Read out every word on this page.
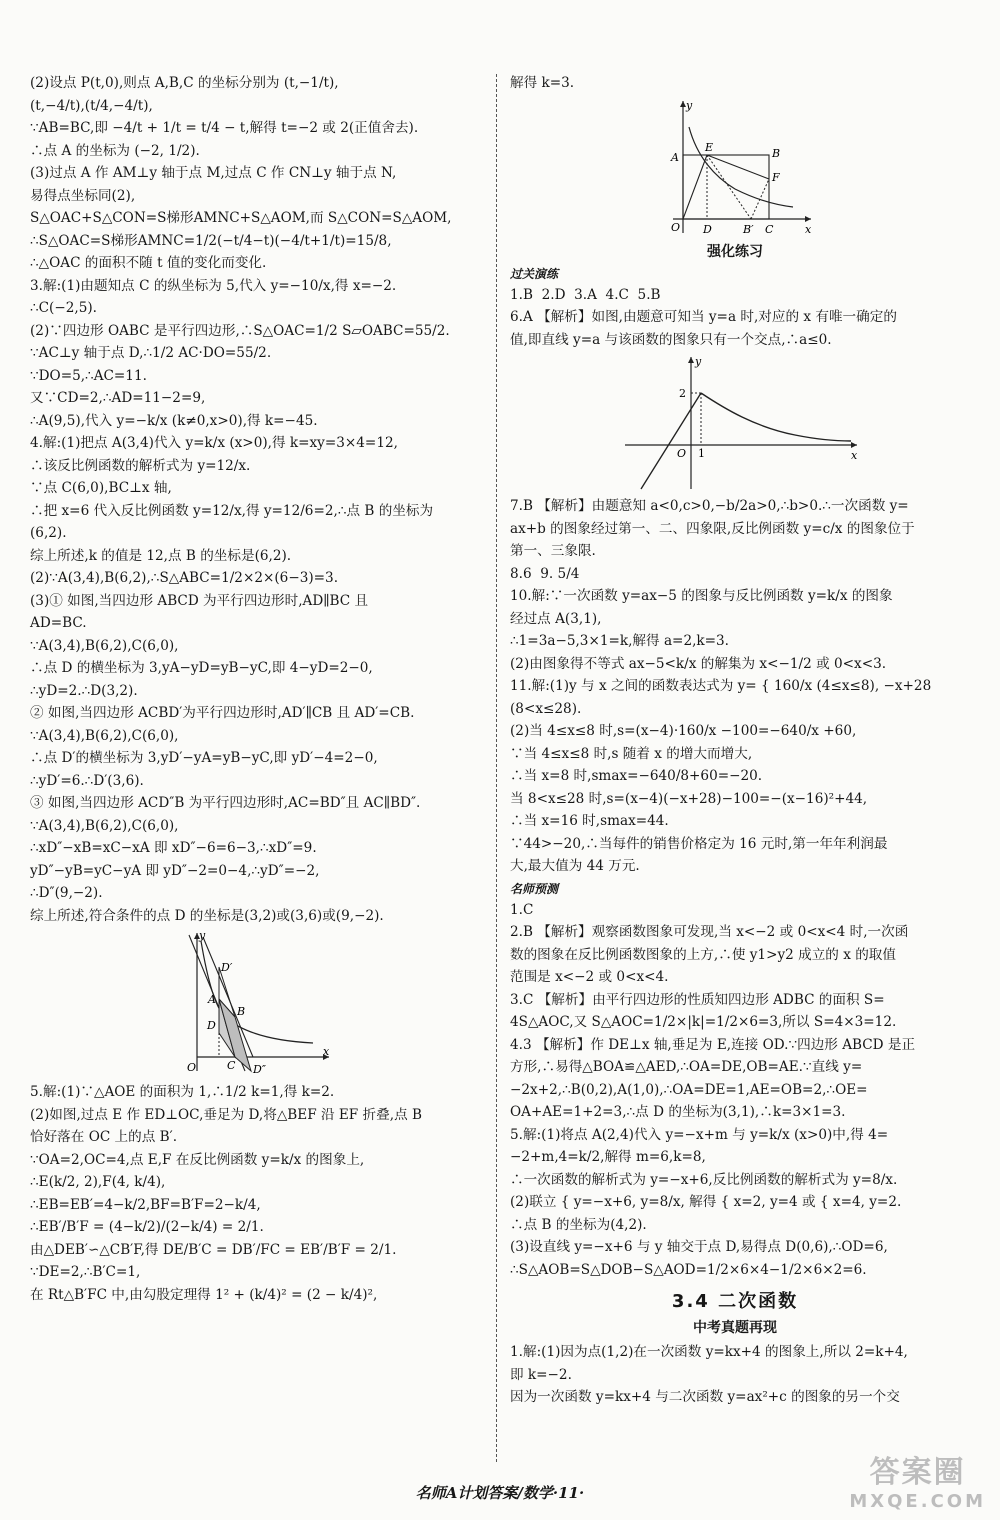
(2)设点 P(t,0),则点 A,B,C 的坐标分别为 (t,−1/t),

(t,−4/t),(t/4,−4/t),

∵AB=BC,即 −4/t + 1/t = t/4 − t,解得 t=−2 或 2(正值舍去).

∴点 A 的坐标为 (−2, 1/2).

(3)过点 A 作 AM⊥y 轴于点 M,过点 C 作 CN⊥y 轴于点 N,

易得点坐标同(2),

S△OAC+S△CON=S梯形AMNC+S△AOM,而 S△CON=S△AOM,

∴S△OAC=S梯形AMNC=1/2(−t/4−t)(−4/t+1/t)=15/8,

∴△OAC 的面积不随 t 值的变化而变化.

3.解:(1)由题知点 C 的纵坐标为 5,代入 y=−10/x,得 x=−2.

∴C(−2,5).

(2)∵四边形 OABC 是平行四边形,∴S△OAC=1/2 S▱OABC=55/2.

∵AC⊥y 轴于点 D,∴1/2 AC·DO=55/2.

∵DO=5,∴AC=11.

又∵CD=2,∴AD=11−2=9,

∴A(9,5),代入 y=−k/x (k≠0,x>0),得 k=−45.

4.解:(1)把点 A(3,4)代入 y=k/x (x>0),得 k=xy=3×4=12,

∴该反比例函数的解析式为 y=12/x.

∵点 C(6,0),BC⊥x 轴,

∴把 x=6 代入反比例函数 y=12/x,得 y=12/6=2,∴点 B 的坐标为

(6,2).

综上所述,k 的值是 12,点 B 的坐标是(6,2).

(2)∵A(3,4),B(6,2),∴S△ABC=1/2×2×(6−3)=3.

(3)① 如图,当四边形 ABCD 为平行四边形时,AD∥BC 且

AD=BC.

∵A(3,4),B(6,2),C(6,0),

∴点 D 的横坐标为 3,yA−yD=yB−yC,即 4−yD=2−0,

∴yD=2.∴D(3,2).

② 如图,当四边形 ACBD′为平行四边形时,AD′∥CB 且 AD′=CB.

∵A(3,4),B(6,2),C(6,0),

∴点 D′的横坐标为 3,yD′−yA=yB−yC,即 yD′−4=2−0,

∴yD′=6.∴D′(3,6).

③ 如图,当四边形 ACD″B 为平行四边形时,AC=BD″且 AC∥BD″.

∵A(3,4),B(6,2),C(6,0),

∴xD″−xB=xC−xA 即 xD″−6=6−3,∴xD″=9.

yD″−yB=yC−yA 即 yD″−2=0−4,∴yD″=−2,

∴D″(9,−2).

综上所述,符合条件的点 D 的坐标是(3,2)或(3,6)或(9,−2).

y
x
O
D′
A
B
D
C D″

5.解:(1)∵△AOE 的面积为 1,∴1/2 k=1,得 k=2.

(2)如图,过点 E 作 ED⊥OC,垂足为 D,将△BEF 沿 EF 折叠,点 B

恰好落在 OC 上的点 B′.

∵OA=2,OC=4,点 E,F 在反比例函数 y=k/x 的图象上,

∴E(k/2, 2),F(4, k/4),

∴EB=EB′=4−k/2,BF=B′F=2−k/4,

∴EB′/B′F = (4−k/2)/(2−k/4) = 2/1.

由△DEB′∽△CB′F,得 DE/B′C = DB′/FC = EB′/B′F = 2/1.

∵DE=2,∴B′C=1,

在 Rt△B′FC 中,由勾股定理得 1² + (k/4)² = (2 − k/4)²,

解得 k=3.

y
x
O
A
E	B
F
D	B′ C
强化练习
过关演练

1.B  2.D  3.A  4.C  5.B

6.A 【解析】如图,由题意可知当 y=a 时,对应的 x 有唯一确定的

值,即直线 y=a 与该函数的图象只有一个交点,∴a≤0.

y
x
O
2
1

7.B 【解析】由题意知 a<0,c>0,−b/2a>0,∴b>0.∴一次函数 y=

ax+b 的图象经过第一、二、四象限,反比例函数 y=c/x 的图象位于

第一、三象限.

8.6  9. 5/4

10.解:∵一次函数 y=ax−5 的图象与反比例函数 y=k/x 的图象

经过点 A(3,1),

∴1=3a−5,3×1=k,解得 a=2,k=3.

(2)由图象得不等式 ax−5<k/x 的解集为 x<−1/2 或 0<x<3.

11.解:(1)y 与 x 之间的函数表达式为 y= { 160/x (4≤x≤8), −x+28 (8<x≤28).

(2)当 4≤x≤8 时,s=(x−4)·160/x −100=−640/x +60,

∵当 4≤x≤8 时,s 随着 x 的增大而增大,

∴当 x=8 时,smax=−640/8+60=−20.

当 8<x≤28 时,s=(x−4)(−x+28)−100=−(x−16)²+44,

∴当 x=16 时,smax=44.

∵44>−20,∴当每件的销售价格定为 16 元时,第一年年利润最

大,最大值为 44 万元.

名师预测

1.C

2.B 【解析】观察函数图象可发现,当 x<−2 或 0<x<4 时,一次函

数的图象在反比例函数图象的上方,∴使 y1>y2 成立的 x 的取值

范围是 x<−2 或 0<x<4.

3.C 【解析】由平行四边形的性质知四边形 ADBC 的面积 S=

4S△AOC,又 S△AOC=1/2×|k|=1/2×6=3,所以 S=4×3=12.

4.3 【解析】作 DE⊥x 轴,垂足为 E,连接 OD.∵四边形 ABCD 是正

方形,∴易得△BOA≌△AED,∴OA=DE,OB=AE.∵直线 y=

−2x+2,∴B(0,2),A(1,0),∴OA=DE=1,AE=OB=2,∴OE=

OA+AE=1+2=3,∴点 D 的坐标为(3,1),∴k=3×1=3.

5.解:(1)将点 A(2,4)代入 y=−x+m 与 y=k/x (x>0)中,得 4=

−2+m,4=k/2,解得 m=6,k=8,

∴一次函数的解析式为 y=−x+6,反比例函数的解析式为 y=8/x.

(2)联立 { y=−x+6, y=8/x, 解得 { x=2, y=4 或 { x=4, y=2.

∴点 B 的坐标为(4,2).

(3)设直线 y=−x+6 与 y 轴交于点 D,易得点 D(0,6),∴OD=6,

∴S△AOB=S△DOB−S△AOD=1/2×6×4−1/2×6×2=6.

3.4 二次函数
中考真题再现

1.解:(1)因为点(1,2)在一次函数 y=kx+4 的图象上,所以 2=k+4,

即 k=−2.

因为一次函数 y=kx+4 与二次函数 y=ax²+c 的图象的另一个交

名师A计划答案/数学·11·
答案圈
MXQE.COM
